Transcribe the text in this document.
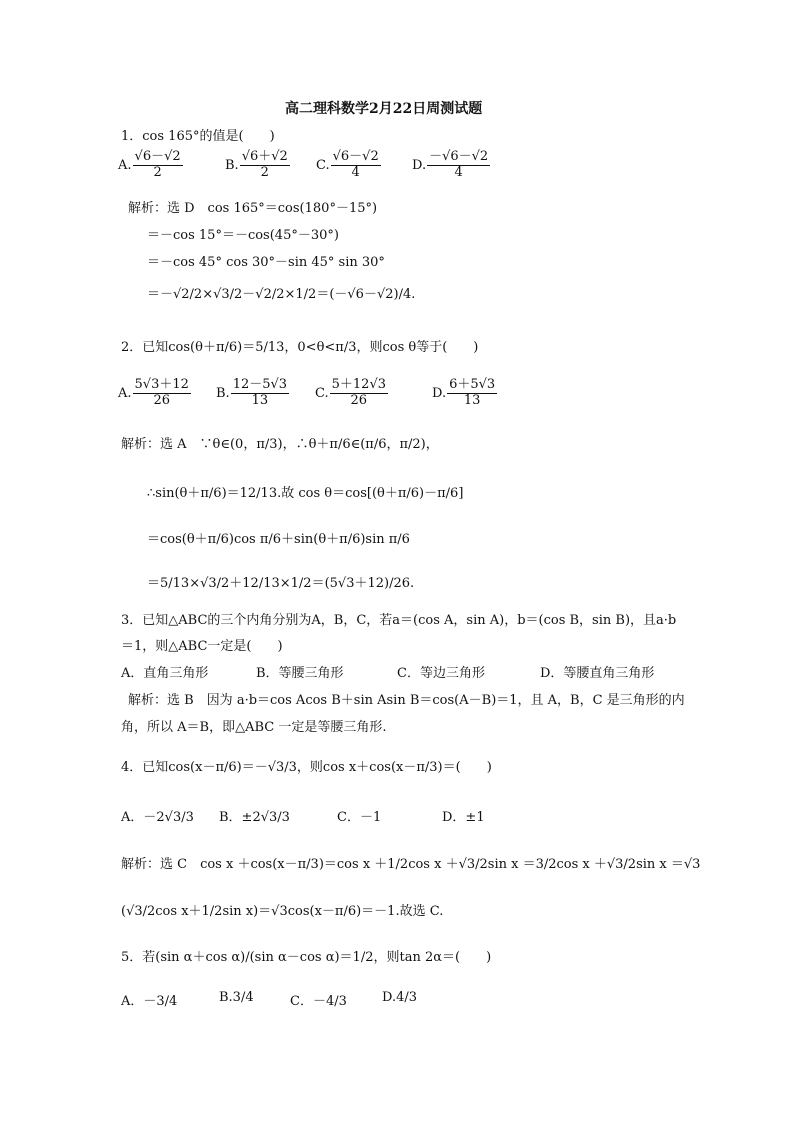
高二理科数学2月22日周测试题
1．cos 165°的值是(　　)
A. $\frac{√6-√2}{2}$	B. $\frac{√6+√2}{2} C$. $\frac{√6-√2}{4} D$. $\frac{-√6-√2}{4}$
解析：选 D　cos 165°＝cos(180°－15°)
＝－cos 15°＝－cos(45°－30°)
＝－cos 45° cos 30°－sin 45° sin 30°
＝－√2/2×√3/2－√2/2×1/2＝(－√6－√2)/4.
2．已知cos(θ＋π/6)＝5/13，0<θ<π/3，则cos θ等于(　　)
A. $\frac{5√3+12}{26} B$. $\frac{12-5√3}{13} C$. $\frac{5+12√3}{26}$	D. $\frac{6+5√3}{13}$
解析：选 A　∵θ∈(0，π/3)，∴θ＋π/6∈(π/6，π/2)，
∴sin(θ＋π/6)＝12/13.故 cos θ＝cos[(θ＋π/6)－π/6]
＝cos(θ＋π/6)cos π/6＋sin(θ＋π/6)sin π/6
＝5/13×√3/2＋12/13×1/2＝(5√3＋12)/26.
3．已知△ABC的三个内角分别为A，B，C，若a＝(cos A，sin A)，b＝(cos B，sin B)，且a·b
＝1，则△ABC一定是(　　)
A．直角三角形	B．等腰三角形	C．等边三角形	D．等腰直角三角形
解析：选 B　因为 a·b＝cos Acos B＋sin Asin B＝cos(A－B)＝1，且 A，B，C 是三角形的内
角，所以 A＝B，即△ABC 一定是等腰三角形.
4．已知cos(x－π/6)＝－√3/3，则cos x＋cos(x－π/3)＝(　　)
A．－2√3/3 B．±2√3/3	C．－1	D．±1
解析：选 C　cos x ＋cos(x－π/3)＝cos x ＋1/2cos x ＋√3/2sin x ＝3/2cos x ＋√3/2sin x ＝√3
(√3/2cos x＋1/2sin x)＝√3cos(x－π/6)＝－1.故选 C.
5．若(sin α＋cos α)/(sin α－cos α)＝1/2，则tan 2α＝(　　)
A．－3/4	B.3/4	C．－4/3	D.4/3
